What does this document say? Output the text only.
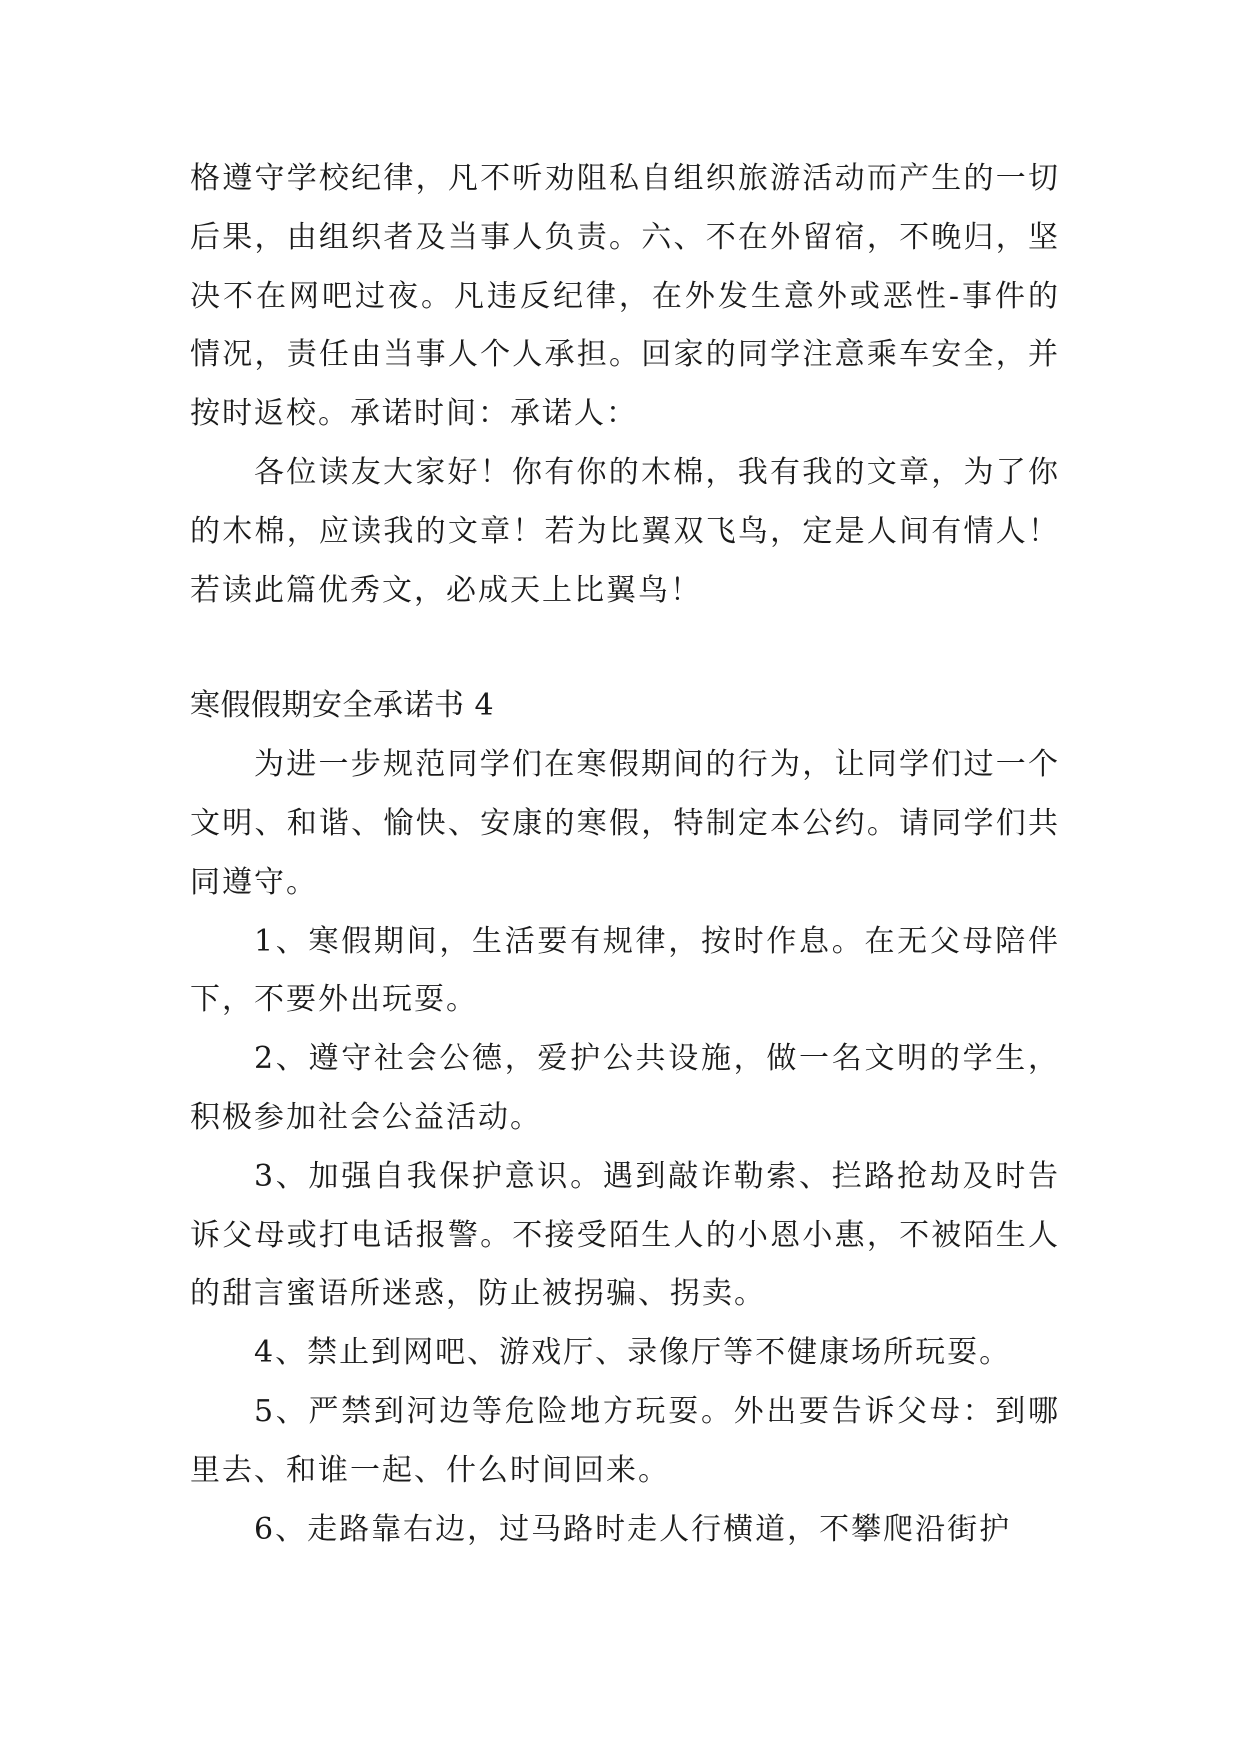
格遵守学校纪律，凡不听劝阻私自组织旅游活动而产生的一切后果，由组织者及当事人负责。六、不在外留宿，不晚归，坚决不在网吧过夜。凡违反纪律，在外发生意外或恶性-事件的情况，责任由当事人个人承担。回家的同学注意乘车安全，并按时返校。承诺时间：承诺人：

各位读友大家好！你有你的木棉，我有我的文章，为了你的木棉，应读我的文章！若为比翼双飞鸟，定是人间有情人！若读此篇优秀文，必成天上比翼鸟！

寒假假期安全承诺书 4

为进一步规范同学们在寒假期间的行为，让同学们过一个文明、和谐、愉快、安康的寒假，特制定本公约。请同学们共同遵守。

1、寒假期间，生活要有规律，按时作息。在无父母陪伴下，不要外出玩耍。

2、遵守社会公德，爱护公共设施，做一名文明的学生，积极参加社会公益活动。

3、加强自我保护意识。遇到敲诈勒索、拦路抢劫及时告诉父母或打电话报警。不接受陌生人的小恩小惠，不被陌生人的甜言蜜语所迷惑，防止被拐骗、拐卖。

4、禁止到网吧、游戏厅、录像厅等不健康场所玩耍。

5、严禁到河边等危险地方玩耍。外出要告诉父母：到哪里去、和谁一起、什么时间回来。

6、走路靠右边，过马路时走人行横道，不攀爬沿街护
